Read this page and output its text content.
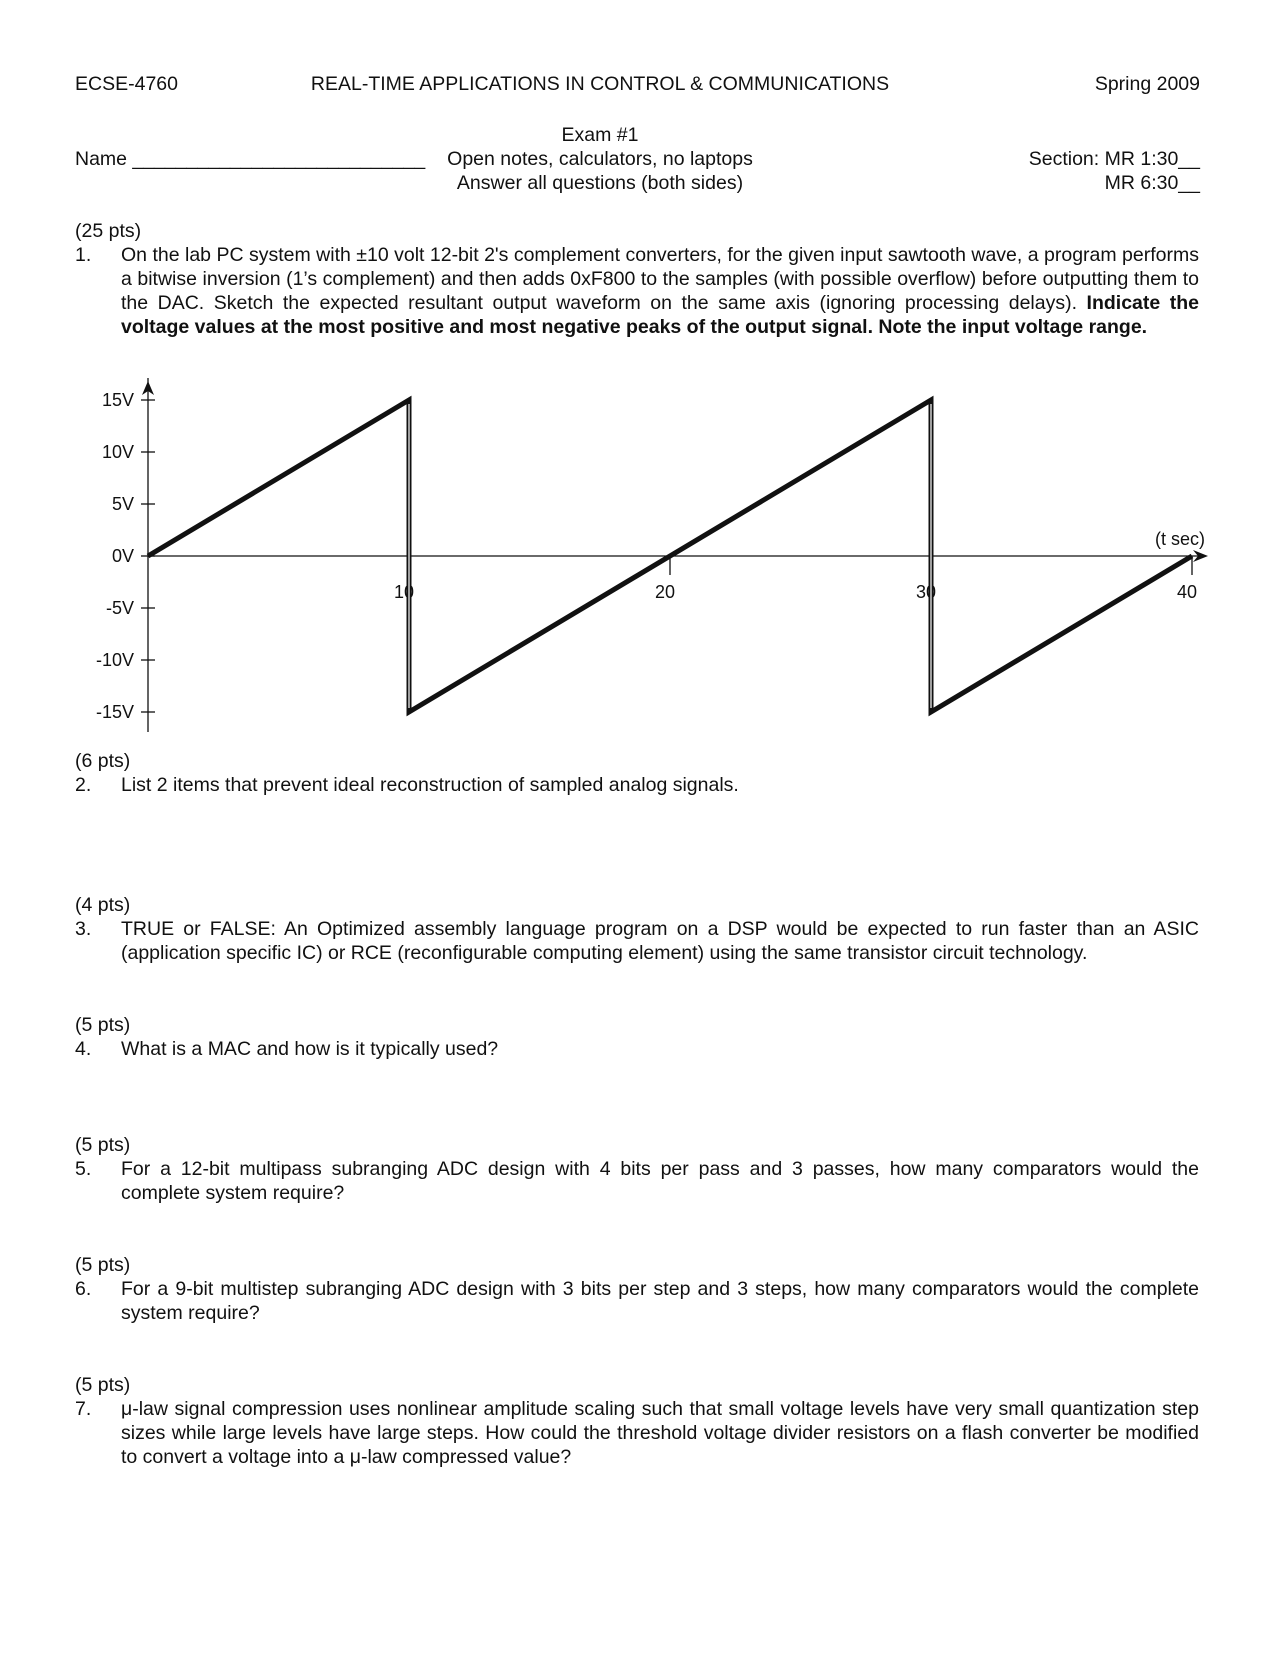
ECSE-4760	REAL-TIME APPLICATIONS IN CONTROL & COMMUNICATIONS	Spring 2009
Exam #1
Name ___________________________	Open notes, calculators, no laptops
Answer all questions (both sides)
Section: MR 1:30__
MR 6:30__
(25 pts)
1. On the lab PC system with ±10 volt 12-bit 2's complement converters, for the given input sawtooth wave, a program performs a bitwise inversion (1’s complement) and then adds 0xF800 to the samples (with possible overflow) before outputting them to the DAC. Sketch the expected resultant output waveform on the same axis (ignoring processing delays). Indicate the voltage values at the most positive and most negative peaks of the output signal. Note the input voltage range.
15V
10V
5V
0V
-5V
-10V
-15V
10	20	30	40
(t sec)
(6 pts)
2. List 2 items that prevent ideal reconstruction of sampled analog signals.
(4 pts)
3. TRUE or FALSE: An Optimized assembly language program on a DSP would be expected to run faster than an ASIC (application specific IC) or RCE (reconfigurable computing element) using the same transistor circuit technology.
(5 pts)
4. What is a MAC and how is it typically used?
(5 pts)
5. For a 12-bit multipass subranging ADC design with 4 bits per pass and 3 passes, how many comparators would the complete system require?
(5 pts)
6. For a 9-bit multistep subranging ADC design with 3 bits per step and 3 steps, how many comparators would the complete system require?
(5 pts)
7. μ-law signal compression uses nonlinear amplitude scaling such that small voltage levels have very small quantization step sizes while large levels have large steps. How could the threshold voltage divider resistors on a flash converter be modified to convert a voltage into a μ-law compressed value?
